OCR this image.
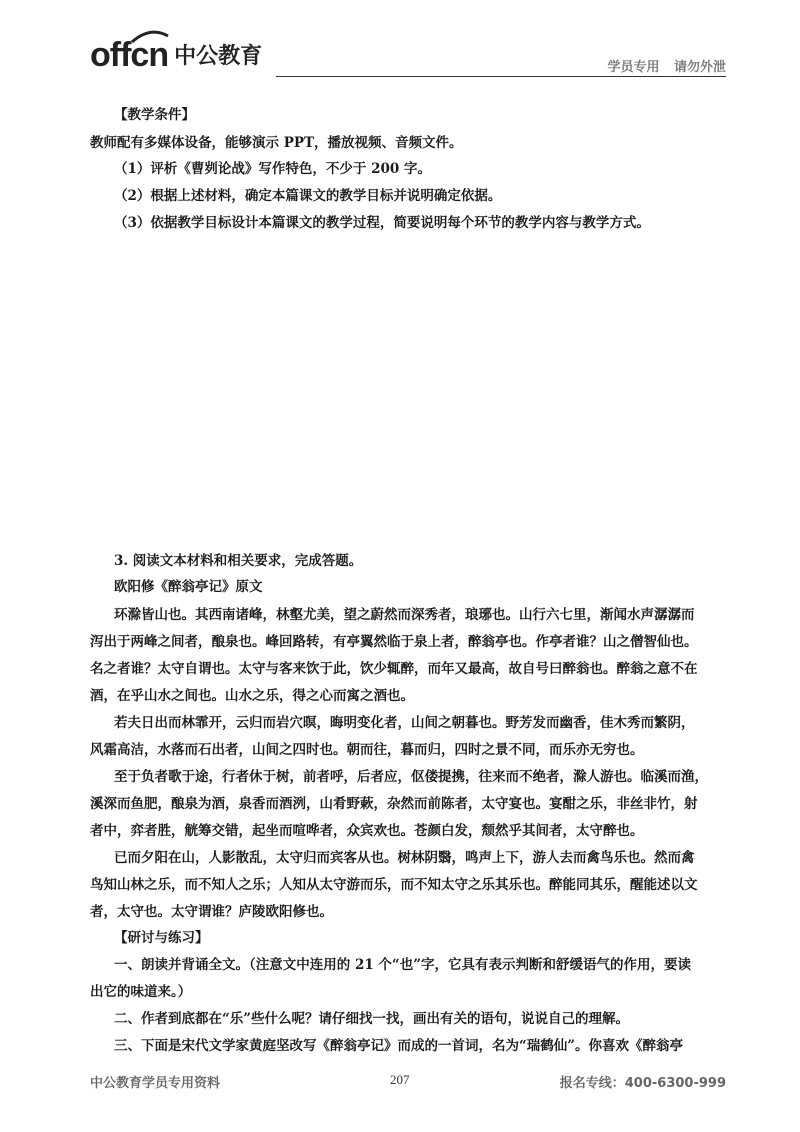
offcn 中公教育	学员专用 请勿外泄
【教学条件】
教师配有多媒体设备，能够演示 PPT，播放视频、音频文件。
（1）评析《曹刿论战》写作特色，不少于 200 字。
（2）根据上述材料，确定本篇课文的教学目标并说明确定依据。
（3）依据教学目标设计本篇课文的教学过程，简要说明每个环节的教学内容与教学方式。
3. 阅读文本材料和相关要求，完成答题。
欧阳修《醉翁亭记》原文
环滁皆山也。其西南诸峰，林壑尤美，望之蔚然而深秀者，琅琊也。山行六七里，渐闻水声潺潺而
泻出于两峰之间者，酿泉也。峰回路转，有亭翼然临于泉上者，醉翁亭也。作亭者谁？山之僧智仙也。
名之者谁？太守自谓也。太守与客来饮于此，饮少辄醉，而年又最高，故自号曰醉翁也。醉翁之意不在
酒，在乎山水之间也。山水之乐，得之心而寓之酒也。
若夫日出而林霏开，云归而岩穴暝，晦明变化者，山间之朝暮也。野芳发而幽香，佳木秀而繁阴，
风霜高洁，水落而石出者，山间之四时也。朝而往，暮而归，四时之景不同，而乐亦无穷也。
至于负者歌于途，行者休于树，前者呼，后者应，伛偻提携，往来而不绝者，滁人游也。临溪而渔，
溪深而鱼肥，酿泉为酒，泉香而酒洌，山肴野蔌，杂然而前陈者，太守宴也。宴酣之乐，非丝非竹，射
者中，弈者胜，觥筹交错，起坐而喧哗者，众宾欢也。苍颜白发，颓然乎其间者，太守醉也。
已而夕阳在山，人影散乱，太守归而宾客从也。树林阴翳，鸣声上下，游人去而禽鸟乐也。然而禽
鸟知山林之乐，而不知人之乐；人知从太守游而乐，而不知太守之乐其乐也。醉能同其乐，醒能述以文
者，太守也。太守谓谁？庐陵欧阳修也。
【研讨与练习】
一、朗读并背诵全文。（注意文中连用的 21 个“也”字，它具有表示判断和舒缓语气的作用，要读
出它的味道来。）
二、作者到底都在“乐”些什么呢？请仔细找一找，画出有关的语句，说说自己的理解。
三、下面是宋代文学家黄庭坚改写《醉翁亭记》而成的一首词，名为“瑞鹤仙”。你喜欢《醉翁亭
中公教育学员专用资料	207	报名专线：400-6300-999
